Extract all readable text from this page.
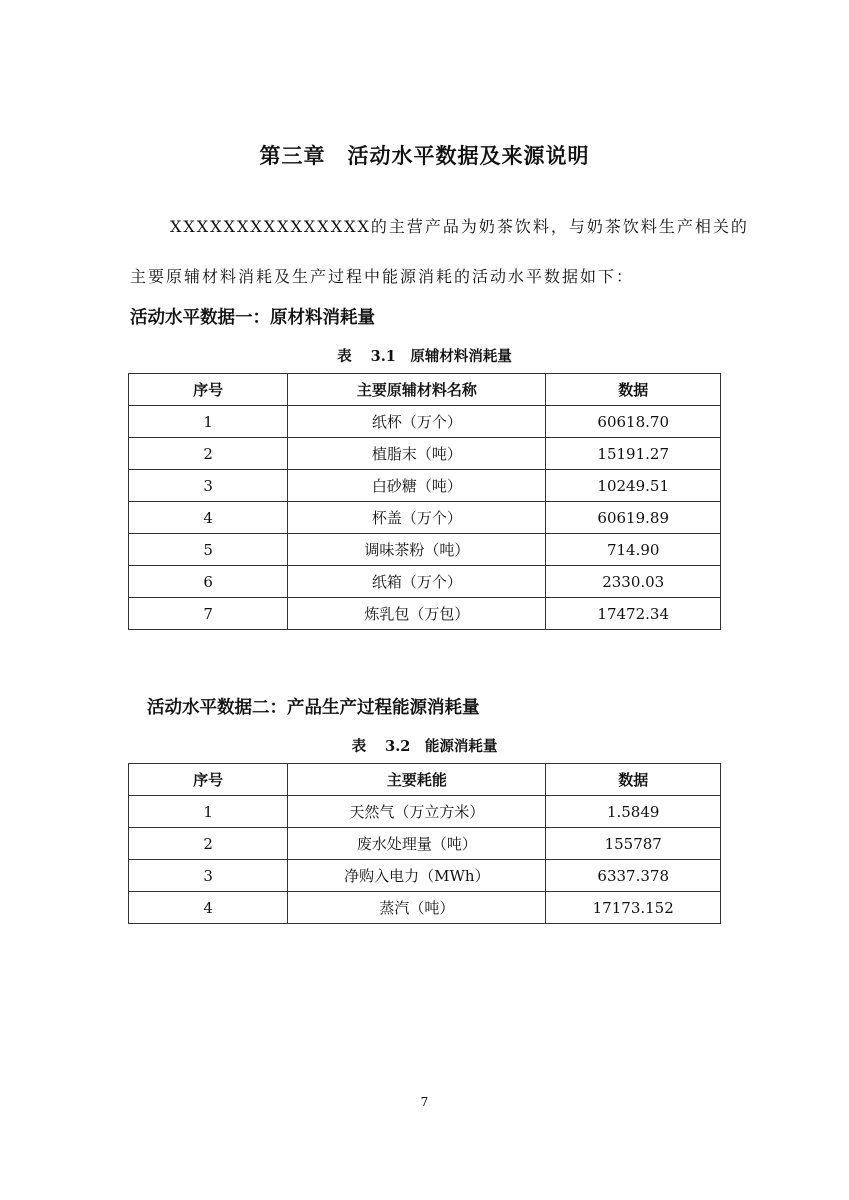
第三章　活动水平数据及来源说明
XXXXXXXXXXXXXXX的主营产品为奶茶饮料，与奶茶饮料生产相关的
主要原辅材料消耗及生产过程中能源消耗的活动水平数据如下：
活动水平数据一：原材料消耗量
表 3.1　原辅材料消耗量
序号	主要原辅材料名称	数据
1	纸杯（万个）	60618.70
2	植脂末（吨）	15191.27
3	白砂糖（吨）	10249.51
4	杯盖（万个）	60619.89
5	调味茶粉（吨）	714.90
6	纸箱（万个）	2330.03
7	炼乳包（万包）	17472.34
活动水平数据二：产品生产过程能源消耗量
表 3.2　能源消耗量
序号	主要耗能	数据
1	天然气（万立方米）	1.5849
2	废水处理量（吨）	155787
3	净购入电力（MWh）	6337.378
4	蒸汽（吨）	17173.152
7
